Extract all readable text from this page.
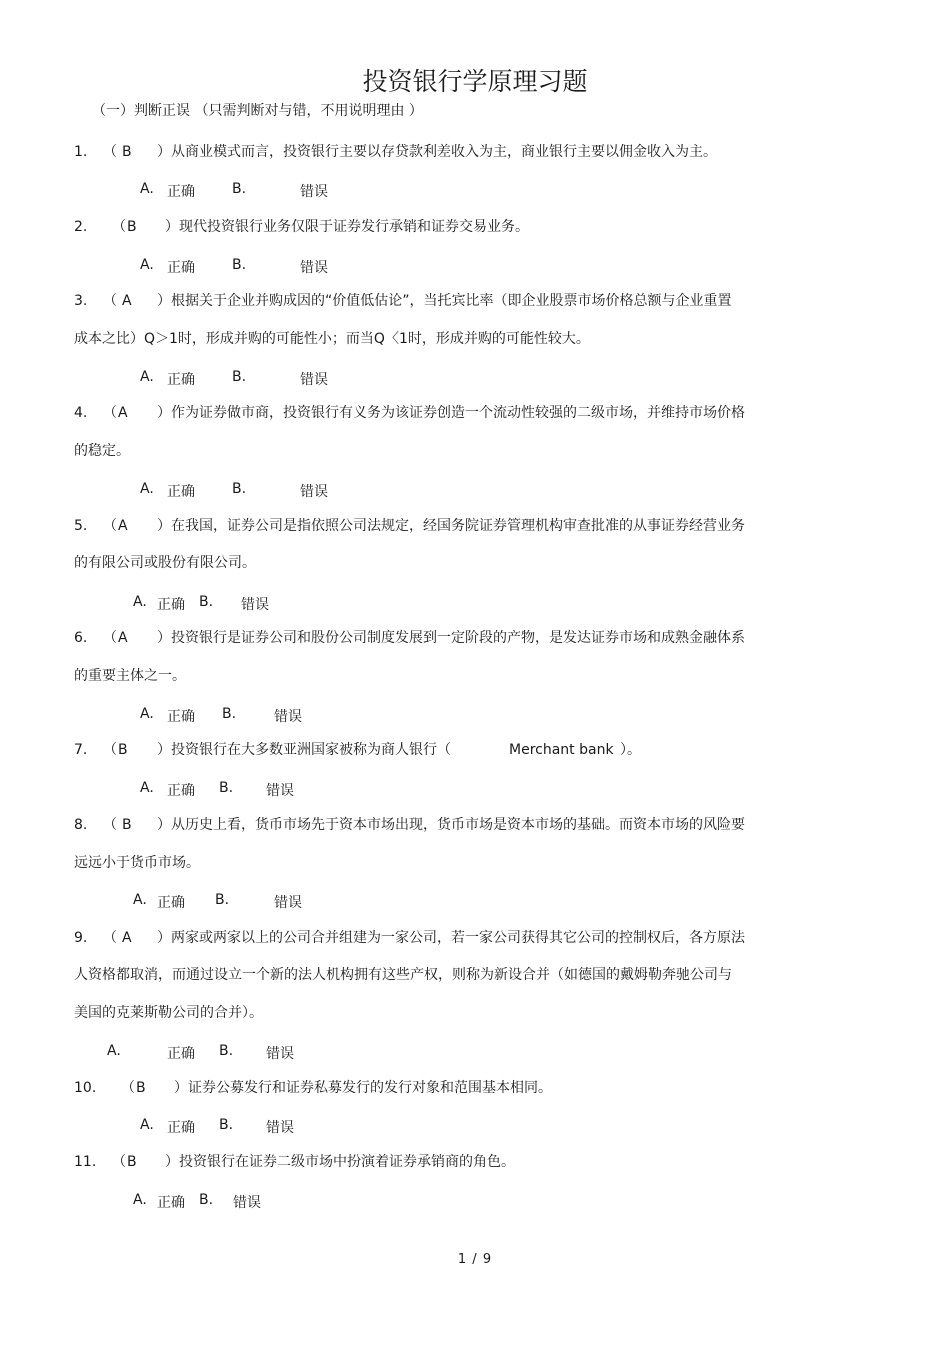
投资银行学原理习题
（一）判断正误 （只需判断对与错，不用说明理由 ）
1. （ B ）从商业模式而言，投资银行主要以存贷款利差收入为主，商业银行主要以佣金收入为主。
A. 正确	B.	错误
2. （ B ）现代投资银行业务仅限于证券发行承销和证券交易业务。
A. 正确	B.	错误
3. （ A ）根据关于企业并购成因的“价值低估论”，当托宾比率（即企业股票市场价格总额与企业重置
成本之比）Q＞1时，形成并购的可能性小；而当Q〈1时，形成并购的可能性较大。
A. 正确	B.	错误
4. （ A ）作为证券做市商，投资银行有义务为该证券创造一个流动性较强的二级市场，并维持市场价格
的稳定。
A. 正确	B.	错误
5. （ A ）在我国，证券公司是指依照公司法规定，经国务院证券管理机构审查批准的从事证券经营业务
的有限公司或股份有限公司。
A. 正确 B. 错误
6. （ A ）投资银行是证券公司和股份公司制度发展到一定阶段的产物，是发达证券市场和成熟金融体系
的重要主体之一。
A. 正确 B.	错误
7. （ B ）投资银行在大多数亚洲国家被称为商人银行（	Merchant bank ）。
A. 正确 B. 错误
8. （ B ）从历史上看，货币市场先于资本市场出现，货币市场是资本市场的基础。而资本市场的风险要
远远小于货币市场。
A. 正确 B.	错误
9. （ A ）两家或两家以上的公司合并组建为一家公司，若一家公司获得其它公司的控制权后，各方原法
人资格都取消，而通过设立一个新的法人机构拥有这些产权，则称为新设合并（如德国的戴姆勒奔驰公司与
美国的克莱斯勒公司的合并）。
A.	正确 B. 错误
10. （ B ）证券公募发行和证券私募发行的发行对象和范围基本相同。
A. 正确 B. 错误
11. （ B ）投资银行在证券二级市场中扮演着证券承销商的角色。
A. 正确 B. 错误
1 / 9
